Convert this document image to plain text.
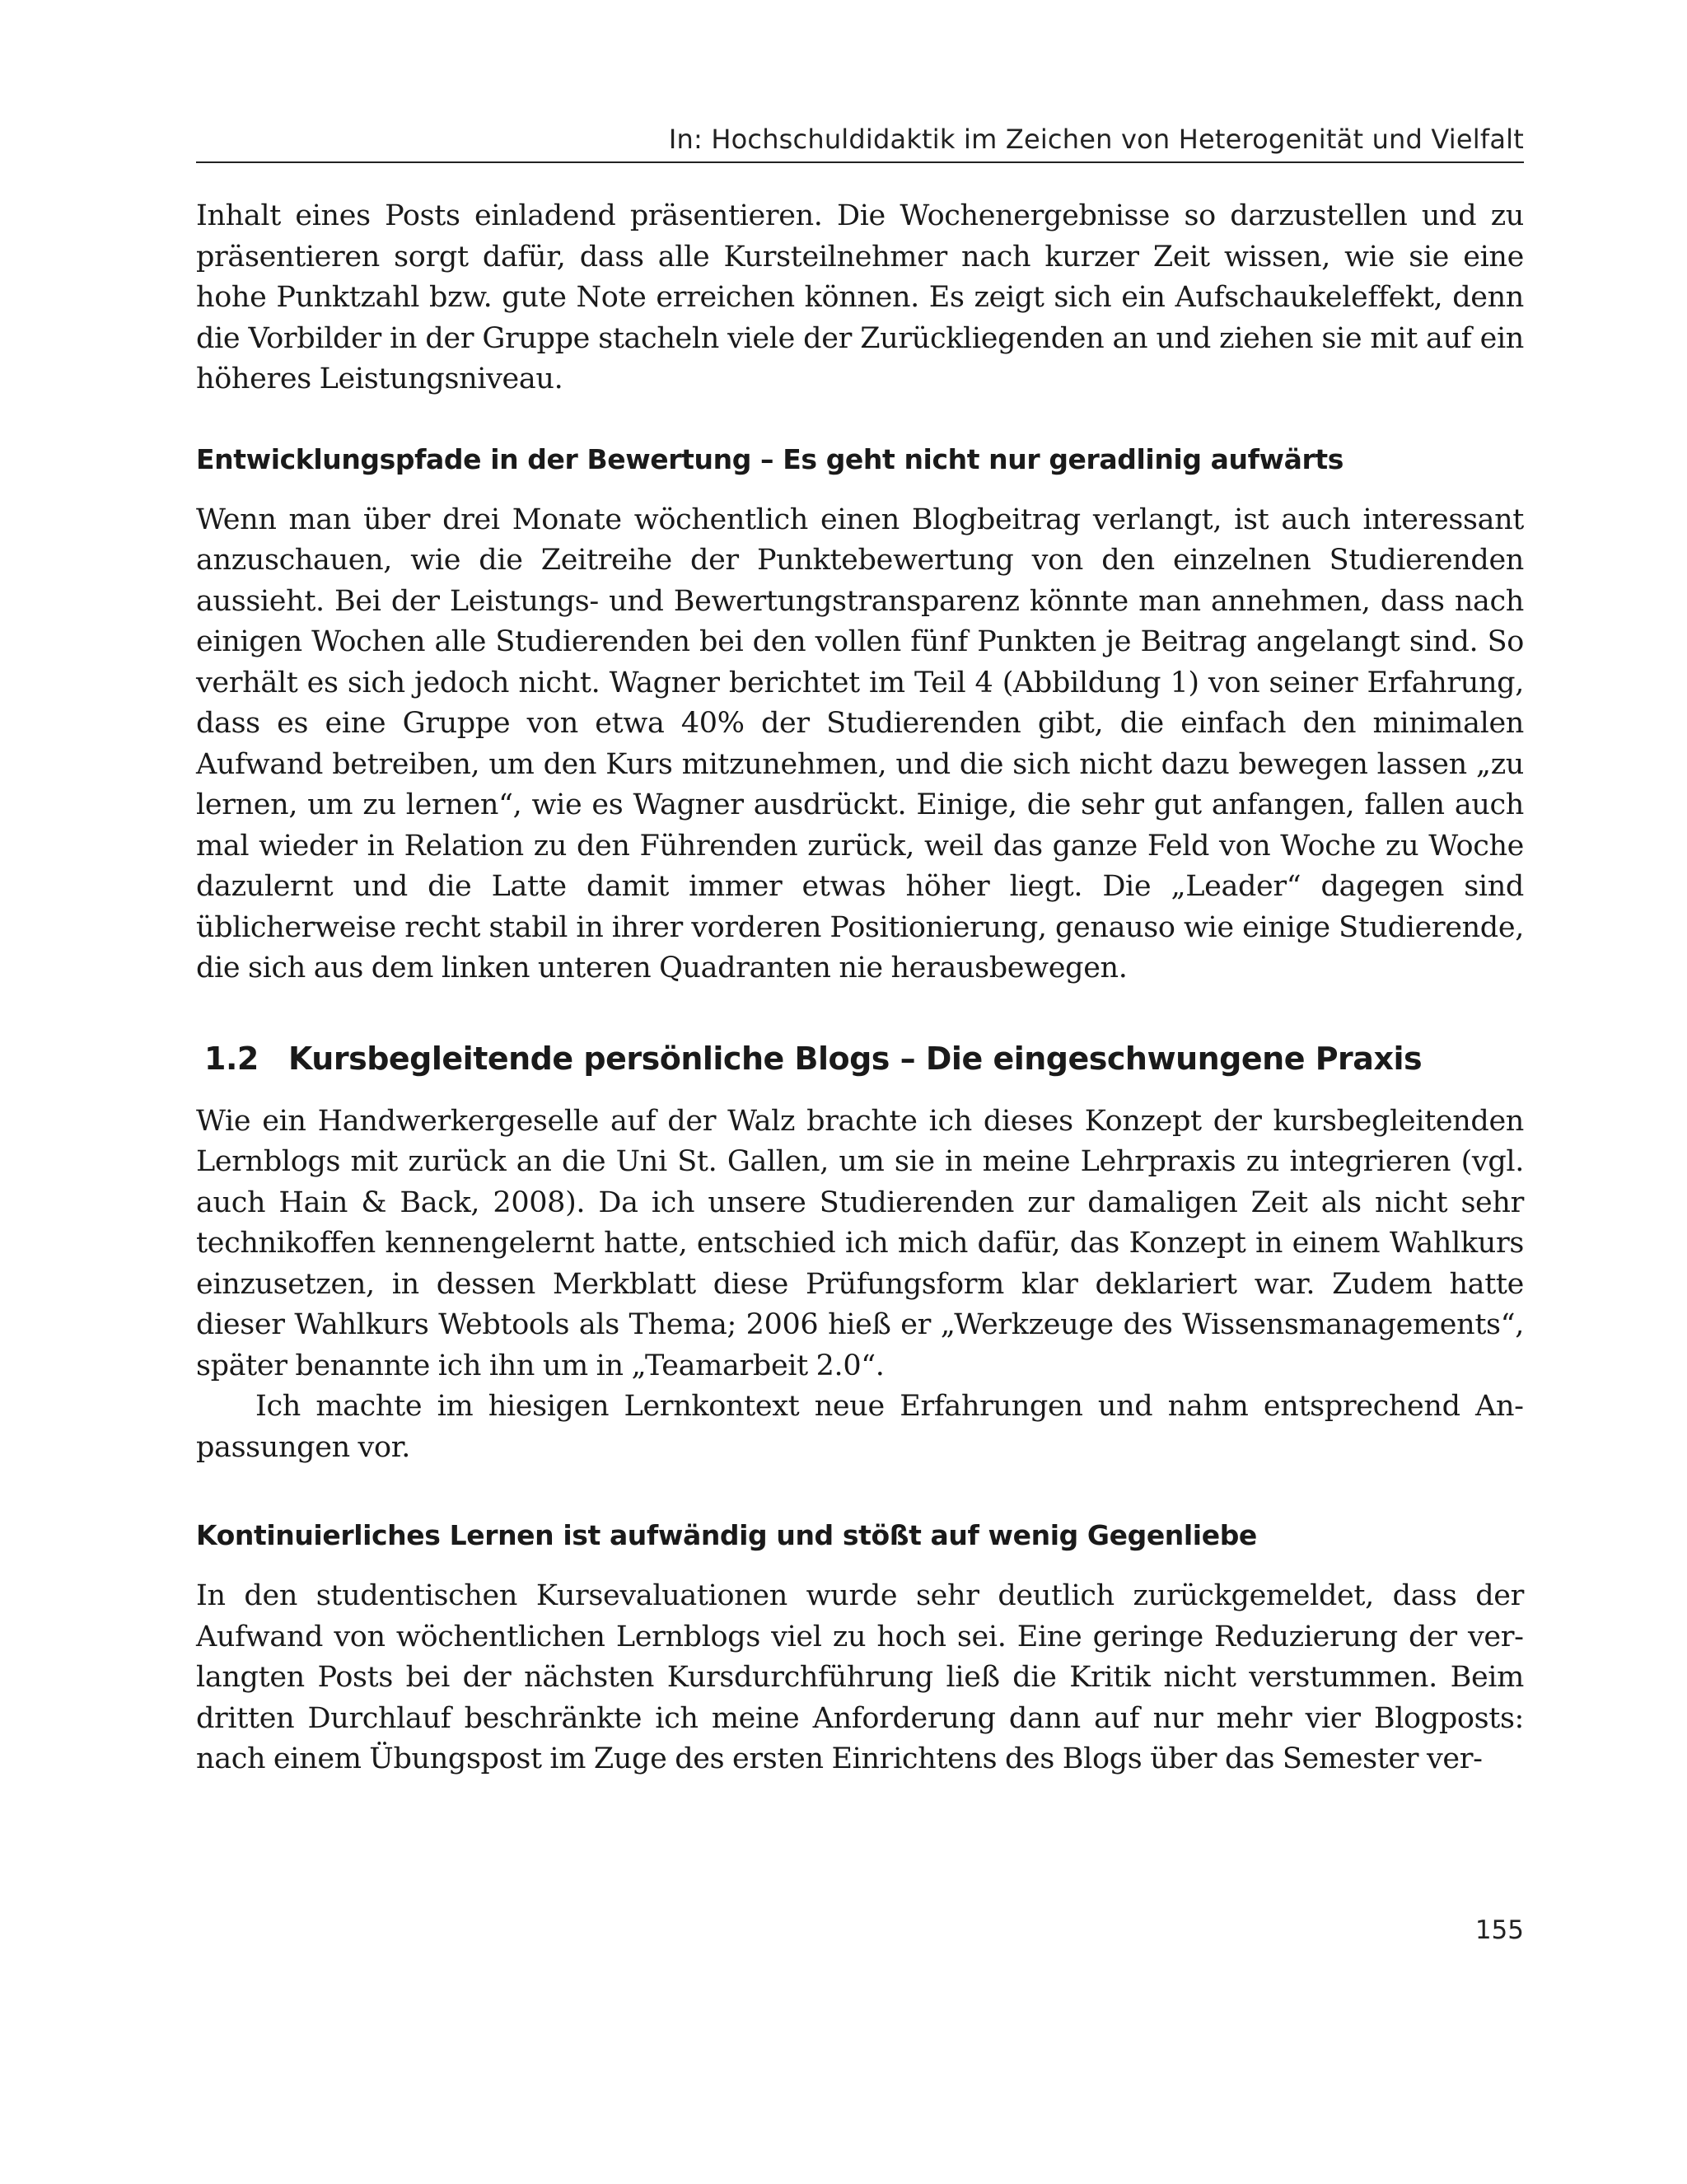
In: Hochschuldidaktik im Zeichen von Heterogenität und Vielfalt

Inhalt eines Posts einladend präsentieren. Die Wochenergebnisse so darzustellen und zu präsentieren sorgt dafür, dass alle Kursteilnehmer nach kurzer Zeit wissen, wie sie eine hohe Punktzahl bzw. gute Note erreichen können. Es zeigt sich ein Aufschaukeleffekt, denn die Vorbilder in der Gruppe stacheln viele der Zurückliegenden an und ziehen sie mit auf ein höheres Leistungsniveau.

Entwicklungspfade in der Bewertung – Es geht nicht nur geradlinig aufwärts

Wenn man über drei Monate wöchentlich einen Blogbeitrag verlangt, ist auch interessant anzuschauen, wie die Zeitreihe der Punktebewertung von den einzelnen Studierenden aussieht. Bei der Leistungs- und Bewertungstransparenz könnte man annehmen, dass nach einigen Wochen alle Studierenden bei den vollen fünf Punkten je Beitrag angelangt sind. So verhält es sich jedoch nicht. Wagner berichtet im Teil 4 (Abbildung 1) von seiner Erfahrung, dass es eine Gruppe von etwa 40% der Studierenden gibt, die einfach den minimalen Aufwand betreiben, um den Kurs mitzunehmen, und die sich nicht dazu bewegen lassen „zu lernen, um zu lernen“, wie es Wagner ausdrückt. Einige, die sehr gut anfangen, fallen auch mal wieder in Relation zu den Führenden zurück, weil das ganze Feld von Woche zu Woche dazulernt und die Latte damit immer etwas höher liegt. Die „Leader“ dagegen sind üblicherweise recht stabil in ihrer vorderen Positionierung, genauso wie einige Studierende, die sich aus dem linken unteren Quadranten nie herausbewegen.

1.2 Kursbegleitende persönliche Blogs – Die eingeschwungene Praxis

Wie ein Handwerkergeselle auf der Walz brachte ich dieses Konzept der kursbegleitenden Lernblogs mit zurück an die Uni St. Gallen, um sie in meine Lehrpraxis zu integrieren (vgl. auch Hain & Back, 2008). Da ich unsere Studierenden zur damaligen Zeit als nicht sehr technikoffen kennengelernt hatte, entschied ich mich dafür, das Konzept in einem Wahlkurs einzusetzen, in dessen Merkblatt diese Prüfungsform klar deklariert war. Zudem hatte dieser Wahlkurs Webtools als Thema; 2006 hieß er „Werkzeuge des Wissensmanagements“, später benannte ich ihn um in „Teamarbeit 2.0“.

Ich machte im hiesigen Lernkontext neue Erfahrungen und nahm entsprechend Anpassungen vor.

Kontinuierliches Lernen ist aufwändig und stößt auf wenig Gegenliebe

In den studentischen Kursevaluationen wurde sehr deutlich zurückgemeldet, dass der Aufwand von wöchentlichen Lernblogs viel zu hoch sei. Eine geringe Reduzierung der verlangten Posts bei der nächsten Kursdurchführung ließ die Kritik nicht verstummen. Beim dritten Durchlauf beschränkte ich meine Anforderung dann auf nur mehr vier Blogposts: nach einem Übungspost im Zuge des ersten Einrichtens des Blogs über das Semester ver-

155
